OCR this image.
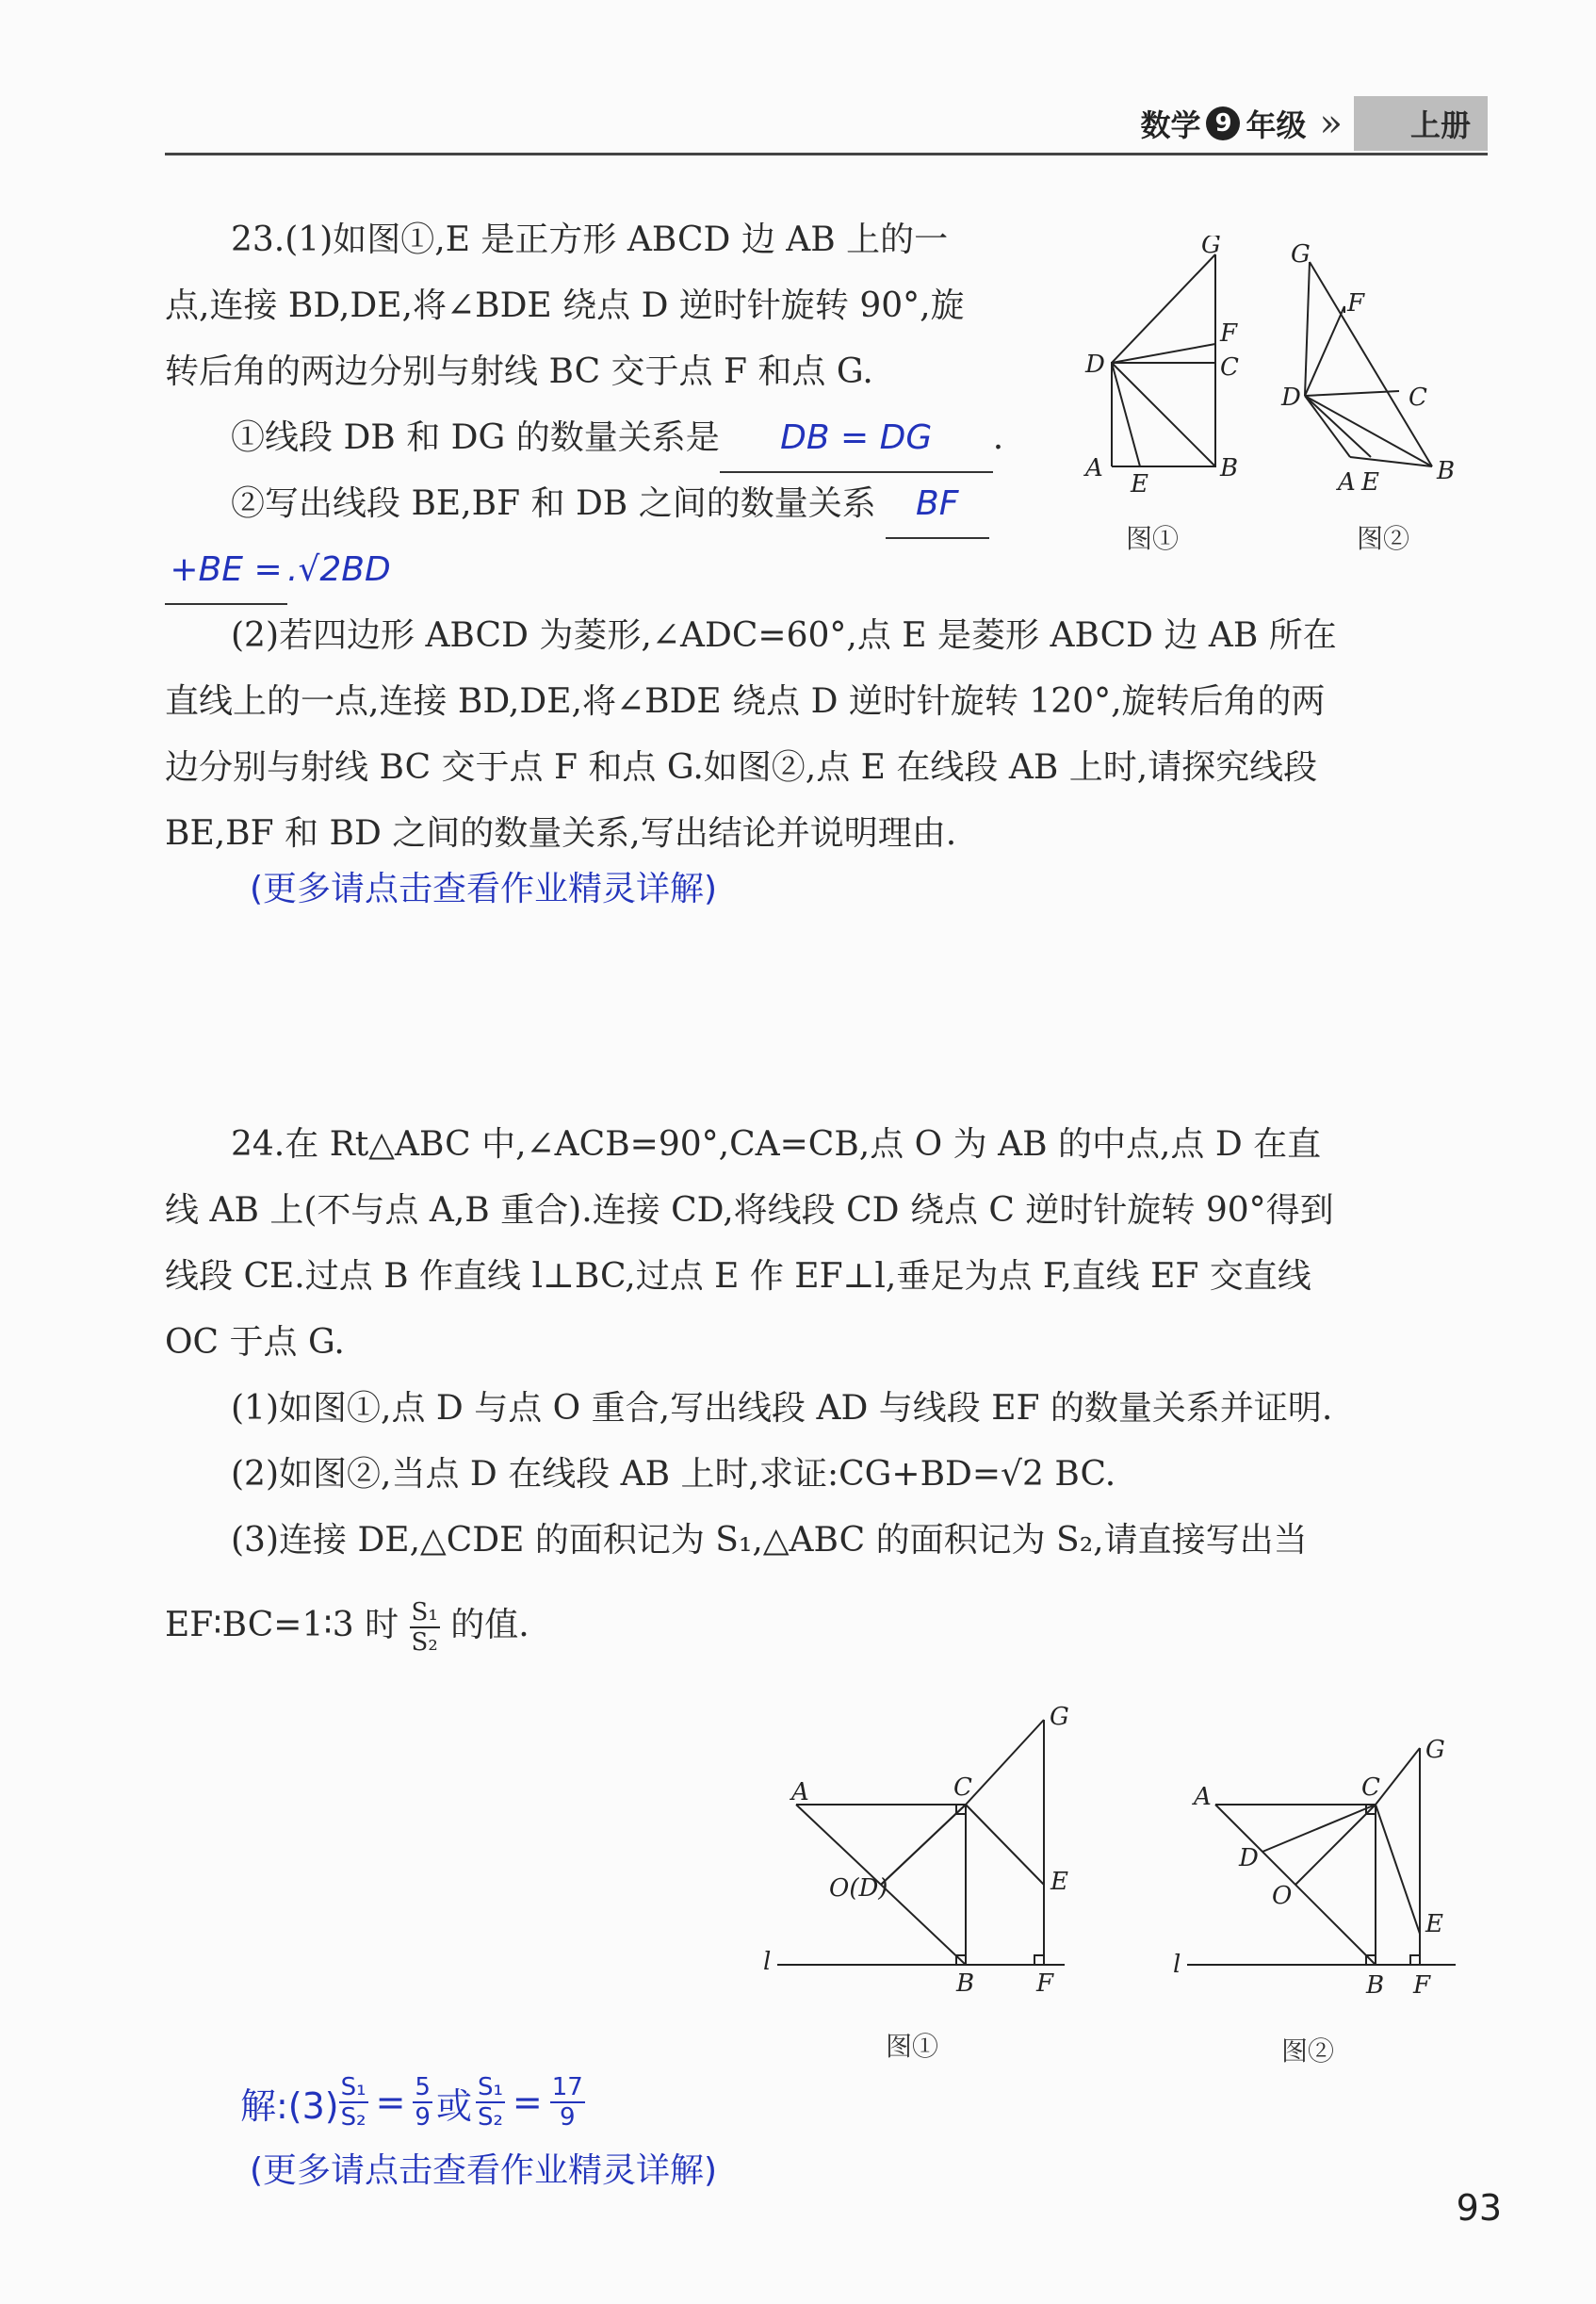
数学 9 年级 »	上册
23.(1)如图①,E 是正方形 ABCD 边 AB 上的一
点,连接 BD,DE,将∠BDE 绕点 D 逆时针旋转 90°,旋
转后角的两边分别与射线 BC 交于点 F 和点 G.
①线段 DB 和 DG 的数量关系是 DB = DG .
②写出线段 BE,BF 和 DB 之间的数量关系 BF
+BE = .√2BD
(2)若四边形 ABCD 为菱形,∠ADC=60°,点 E 是菱形 ABCD 边 AB 所在
直线上的一点,连接 BD,DE,将∠BDE 绕点 D 逆时针旋转 120°,旋转后角的两
边分别与射线 BC 交于点 F 和点 G.如图②,点 E 在线段 AB 上时,请探究线段
BE,BF 和 BD 之间的数量关系,写出结论并说明理由.
(更多请点击查看作业精灵详解)
G
F
C
D
A
E
B
图①
G
F
C
D
A E B
图②
24.在 Rt△ABC 中,∠ACB=90°,CA=CB,点 O 为 AB 的中点,点 D 在直
线 AB 上(不与点 A,B 重合).连接 CD,将线段 CD 绕点 C 逆时针旋转 90°得到
线段 CE.过点 B 作直线 l⊥BC,过点 E 作 EF⊥l,垂足为点 F,直线 EF 交直线
OC 于点 G.
(1)如图①,点 D 与点 O 重合,写出线段 AD 与线段 EF 的数量关系并证明.
(2)如图②,当点 D 在线段 AB 上时,求证:CG+BD=√2 BC.
(3)连接 DE,△CDE 的面积记为 S₁,△ABC 的面积记为 S₂,请直接写出当
EF∶BC=1∶3 时 $\frac{\text{S₁}}{\text{S₂}}$ 的值.
A	C
G
E
O(D)
l
B	F
图①
A	C
G
D
O
E
l
B F
图②
解:(3) $\frac{\text{S₁}}{\text{S₂}} = \frac{5}{9}$ 或 $\frac{\text{S₁}}{\text{S₂}} = \frac{17}{9}$
(更多请点击查看作业精灵详解)
93
